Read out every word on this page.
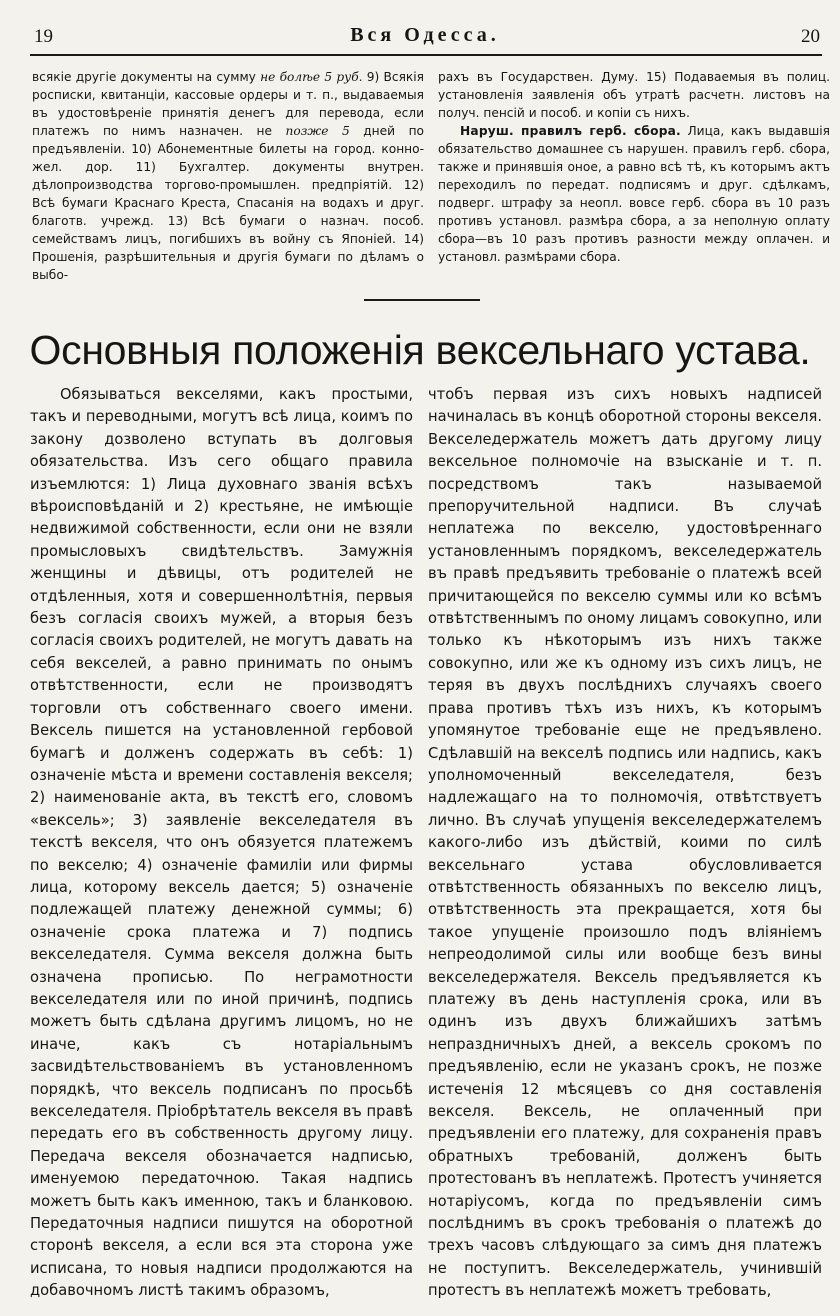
19	Вся Одесса.	20
всякіе другіе документы на сумму не болѣе 5 руб. 9) Всякія росписки, квитанціи, кассовые ордеры и т. п., выдаваемыя въ удостовѣреніе принятія денегъ для перевода, если платежъ по нимъ назначен. не позже 5 дней по предъявленіи. 10) Абонементные билеты на город. конно-жел. дор. 11) Бухгалтер. документы внутрен. дѣлопроизводства торгово-промышлен. предпріятій. 12) Всѣ бумаги Краснаго Креста, Спасанія на водахъ и друг. благотв. учрежд. 13) Всѣ бумаги о назнач. пособ. семействамъ лицъ, погибшихъ въ войну съ Японіей. 14) Прошенія, разрѣшительныя и другія бумаги по дѣламъ о выбо-
рахъ въ Государствен. Думу. 15) Подаваемыя въ полиц. установленія заявленія объ утратѣ расчетн. листовъ на получ. пенсій и пособ. и копіи съ нихъ.
Наруш. правилъ герб. сбора. Лица, какъ выдавшія обязательство домашнее съ нарушен. правилъ герб. сбора, также и принявшія оное, а равно всѣ тѣ, къ которымъ актъ переходилъ по передат. подписямъ и друг. сдѣлкамъ, подверг. штрафу за неопл. вовсе герб. сбора въ 10 разъ противъ установл. размѣра сбора, а за неполную оплату сбора—въ 10 разъ противъ разности между оплачен. и установл. размѣрами сбора.
Основныя положенія вексельнаго устава.
Обязываться векселями, какъ простыми, такъ и переводными, могутъ всѣ лица, коимъ по закону дозволено вступать въ долговыя обязательства. Изъ сего общаго правила изъемлются: 1) Лица духовнаго званія всѣхъ вѣроисповѣданій и 2) крестьяне, не имѣющіе недвижимой собственности, если они не взяли промысловыхъ свидѣтельствъ. Замужнія женщины и дѣвицы, отъ родителей не отдѣленныя, хотя и совершеннолѣтнія, первыя безъ согласія своихъ мужей, а вторыя безъ согласія своихъ родителей, не могутъ давать на себя векселей, а равно принимать по онымъ отвѣтственности, если не производятъ торговли отъ собственнаго своего имени. Вексель пишется на установленной гербовой бумагѣ и долженъ содержать въ себѣ: 1) означеніе мѣста и времени составленія векселя; 2) наименованіе акта, въ текстѣ его, словомъ «вексель»; 3) заявленіе векселедателя въ текстѣ векселя, что онъ обязуется платежемъ по векселю; 4) означеніе фамиліи или фирмы лица, которому вексель дается; 5) означеніе подлежащей платежу денежной суммы; 6) означеніе срока платежа и 7) подпись векселедателя. Сумма векселя должна быть означена прописью. По неграмотности векселедателя или по иной причинѣ, подпись можетъ быть сдѣлана другимъ лицомъ, но не иначе, какъ съ нотаріальнымъ засвидѣтельствованіемъ въ установленномъ порядкѣ, что вексель подписанъ по просьбѣ векселедателя. Пріобрѣтатель векселя въ правѣ передать его въ собственность другому лицу. Передача векселя обозначается надписью, именуемою передаточною. Такая надпись можетъ быть какъ именною, такъ и бланковою. Передаточныя надписи пишутся на оборотной сторонѣ векселя, а если вся эта сторона уже исписана, то новыя надписи продолжаются на добавочномъ листѣ такимъ образомъ,
чтобъ первая изъ сихъ новыхъ надписей начиналась въ концѣ оборотной стороны векселя. Векселедержатель можетъ дать другому лицу вексельное полномочіе на взысканіе и т. п. посредствомъ такъ называемой препоручительной надписи. Въ случаѣ неплатежа по векселю, удостовѣреннаго установленнымъ порядкомъ, векселедержатель въ правѣ предъявить требованіе о платежѣ всей причитающейся по векселю суммы или ко всѣмъ отвѣтственнымъ по оному лицамъ совокупно, или только къ нѣкоторымъ изъ нихъ также совокупно, или же къ одному изъ сихъ лицъ, не теряя въ двухъ послѣднихъ случаяхъ своего права противъ тѣхъ изъ нихъ, къ которымъ упомянутое требованіе еще не предъявлено. Сдѣлавшій на векселѣ подпись или надпись, какъ уполномоченный векселедателя, безъ надлежащаго на то полномочія, отвѣтствуетъ лично. Въ случаѣ упущенія векселедержателемъ какого-либо изъ дѣйствій, коими по силѣ вексельнаго устава обусловливается отвѣтственность обязанныхъ по векселю лицъ, отвѣтственность эта прекращается, хотя бы такое упущеніе произошло подъ вліяніемъ непреодолимой силы или вообще безъ вины векселедержателя. Вексель предъявляется къ платежу въ день наступленія срока, или въ одинъ изъ двухъ ближайшихъ затѣмъ непраздничныхъ дней, а вексель срокомъ по предъявленію, если не указанъ срокъ, не позже истеченія 12 мѣсяцевъ со дня составленія векселя. Вексель, не оплаченный при предъявленіи его платежу, для сохраненія правъ обратныхъ требованій, долженъ быть протестованъ въ неплатежѣ. Протестъ учиняется нотаріусомъ, когда по предъявленіи симъ послѣднимъ въ срокъ требованія о платежѣ до трехъ часовъ слѣдующаго за симъ дня платежъ не поступитъ. Векселедержатель, учинившій протестъ въ неплатежѣ можетъ требовать,
